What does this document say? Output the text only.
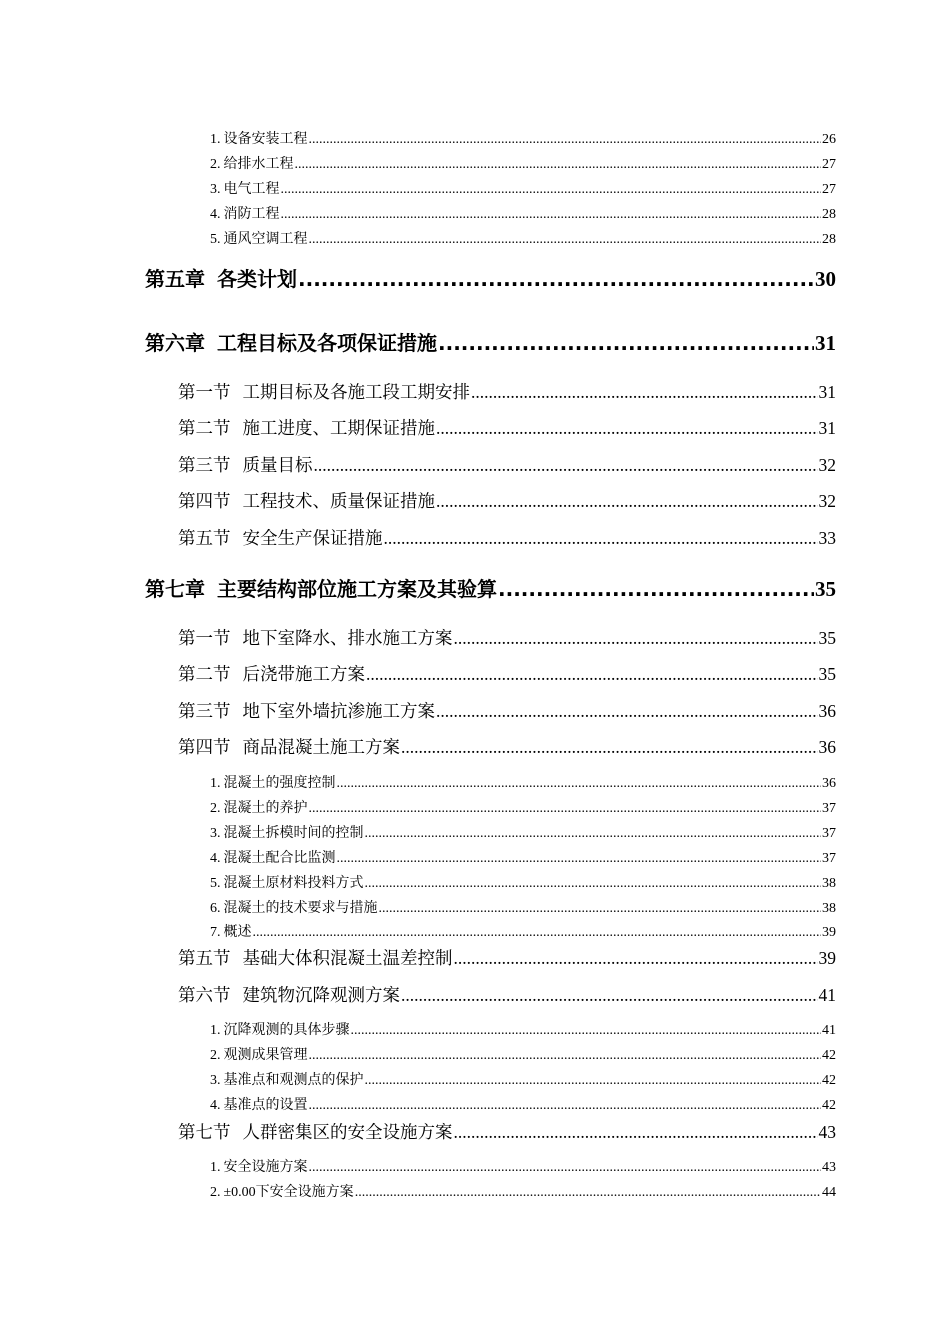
1. 设备安装工程 .....	26
2. 给排水工程 .....	27
3. 电气工程 .....	27
4. 消防工程 .....	28
5. 通风空调工程 .....	28
第五章 各类计划 .....	30
第六章 工程目标及各项保证措施 .....	31
第一节 工期目标及各施工段工期安排 .....	31
第二节 施工进度、工期保证措施 .....	31
第三节 质量目标 .....	32
第四节 工程技术、质量保证措施 .....	32
第五节 安全生产保证措施 .....	33
第七章 主要结构部位施工方案及其验算 .....	35
第一节 地下室降水、排水施工方案 .....	35
第二节 后浇带施工方案 .....	35
第三节 地下室外墙抗渗施工方案 .....	36
第四节 商品混凝土施工方案 .....	36
1. 混凝土的强度控制 .....	36
2. 混凝土的养护 .....	37
3. 混凝土拆模时间的控制 .....	37
4. 混凝土配合比监测 .....	37
5. 混凝土原材料投料方式 .....	38
6. 混凝土的技术要求与措施 .....	38
7. 概述 .....	39
第五节 基础大体积混凝土温差控制 .....	39
第六节 建筑物沉降观测方案 .....	41
1. 沉降观测的具体步骤 .....	41
2. 观测成果管理 .....	42
3. 基准点和观测点的保护 .....	42
4. 基准点的设置 .....	42
第七节 人群密集区的安全设施方案 .....	43
1. 安全设施方案 .....	43
2. ±0.00下安全设施方案 .....	44
